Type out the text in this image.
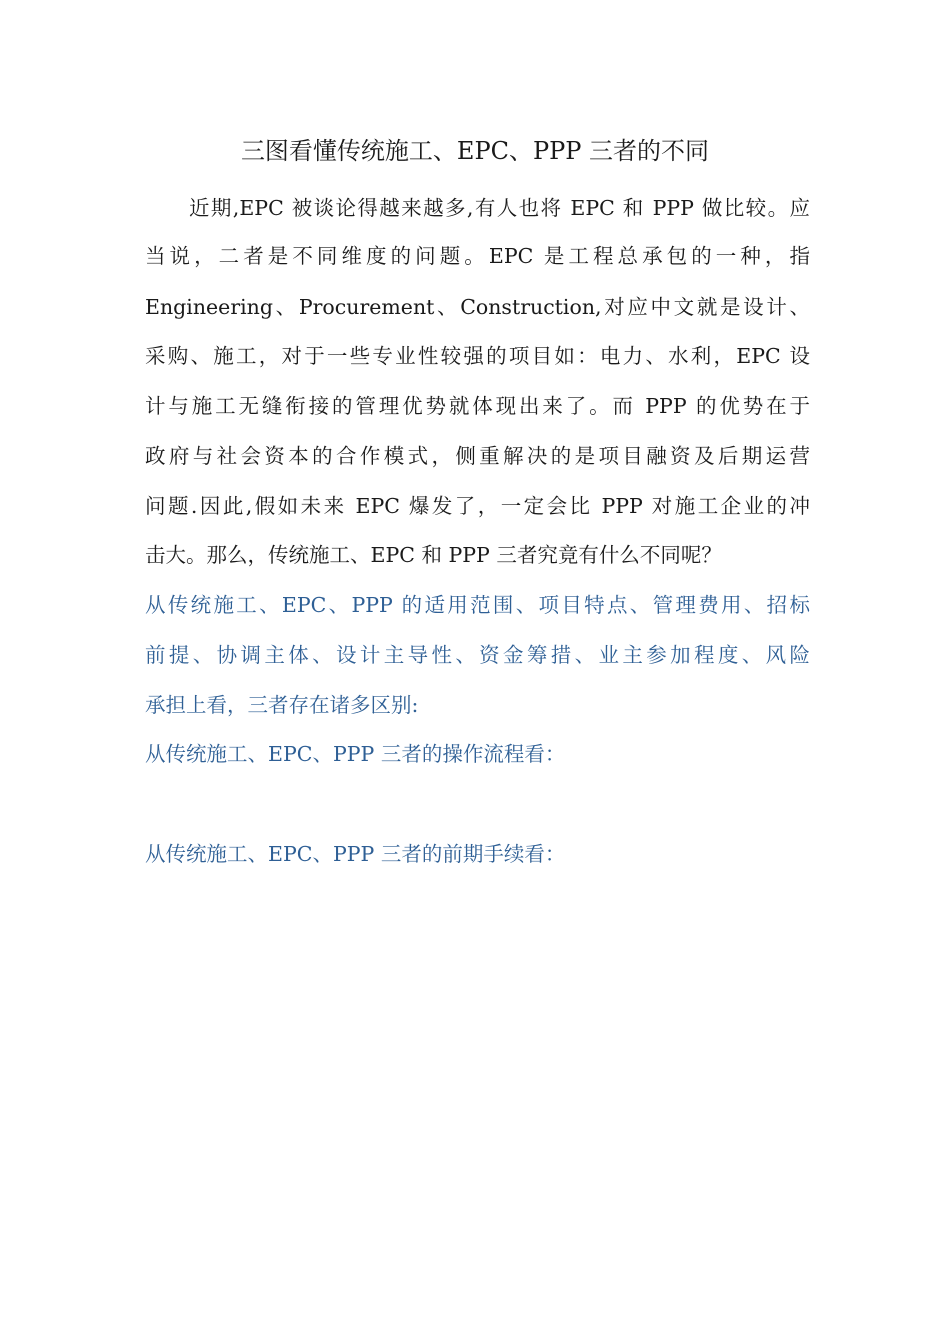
三图看懂传统施工、EPC、PPP 三者的不同
近期,EPC 被谈论得越来越多,有人也将 EPC 和 PPP 做比较。应
当说，二者是不同维度的问题。EPC 是工程总承包的一种，指
Engineering、Procurement、Construction,对应中文就是设计、
采购、施工，对于一些专业性较强的项目如：电力、水利，EPC 设
计与施工无缝衔接的管理优势就体现出来了。而 PPP 的优势在于
政府与社会资本的合作模式，侧重解决的是项目融资及后期运营
问题.因此,假如未来 EPC 爆发了，一定会比 PPP 对施工企业的冲
击大。那么，传统施工、EPC 和 PPP 三者究竟有什么不同呢？
从传统施工、EPC、PPP 的适用范围、项目特点、管理费用、招标
前提、协调主体、设计主导性、资金筹措、业主参加程度、风险
承担上看，三者存在诸多区别:
从传统施工、EPC、PPP 三者的操作流程看：
从传统施工、EPC、PPP 三者的前期手续看：
